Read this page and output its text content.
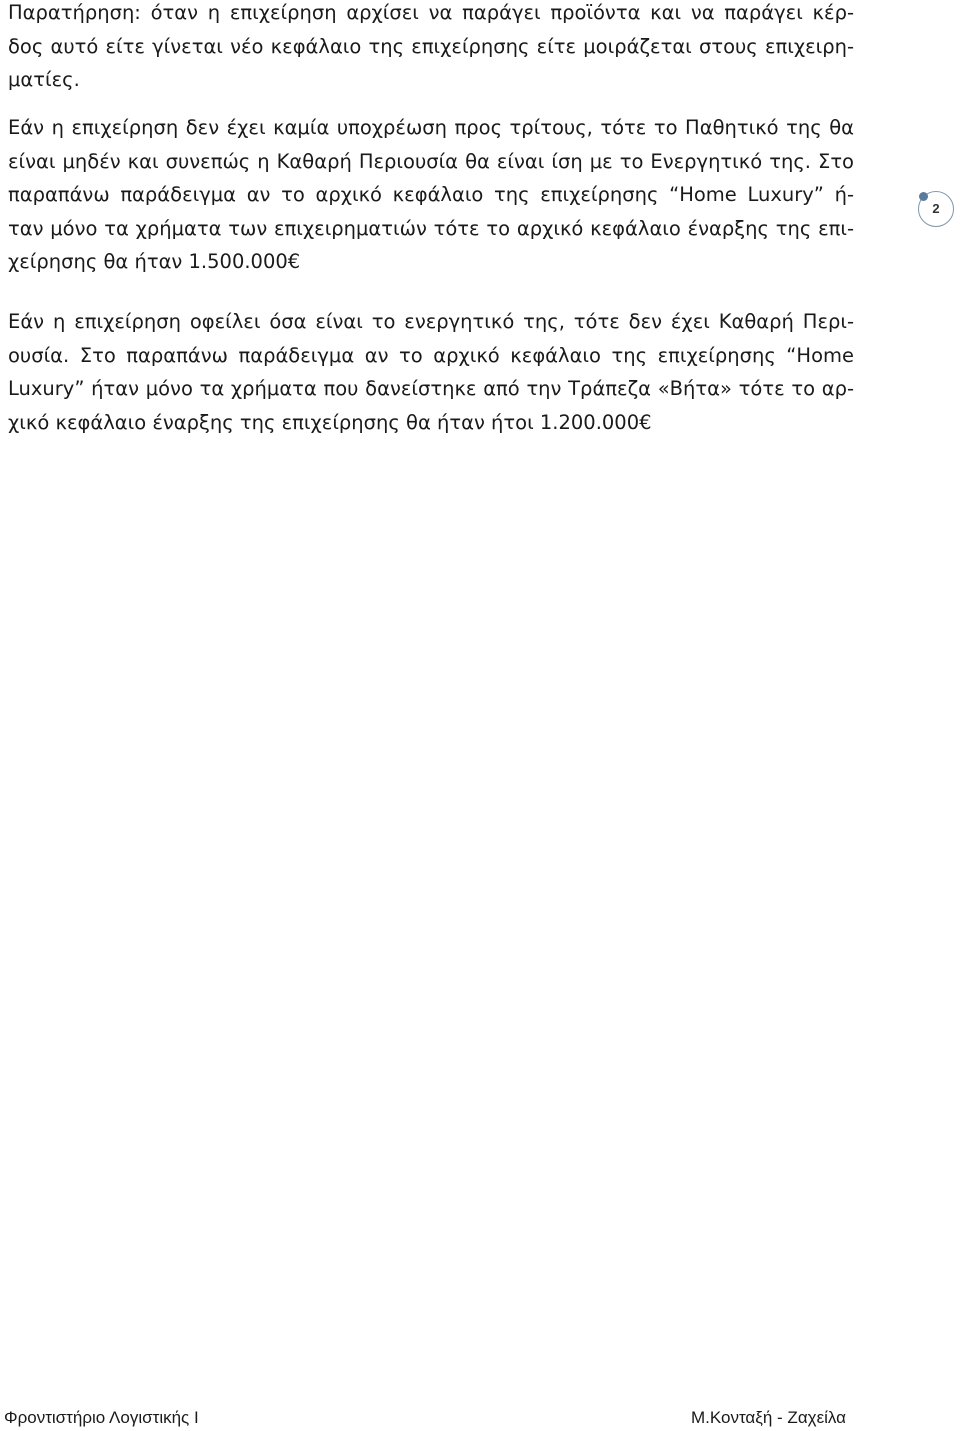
Παρατήρηση: όταν η επιχείρηση αρχίσει να παράγει προϊόντα και να παράγει κέρ-
δος αυτό είτε γίνεται νέο κεφάλαιο της επιχείρησης είτε μοιράζεται στους επιχειρη-
ματίες.
Εάν η επιχείρηση δεν έχει καμία υποχρέωση προς τρίτους, τότε το Παθητικό της θα
είναι μηδέν και συνεπώς η Καθαρή Περιουσία θα είναι ίση με το Ενεργητικό της. Στο
παραπάνω παράδειγμα αν το αρχικό κεφάλαιο της επιχείρησης “Home Luxury” ή-
ταν μόνο τα χρήματα των επιχειρηματιών τότε το αρχικό κεφάλαιο έναρξης της επι-
χείρησης θα ήταν 1.500.000€
Εάν η επιχείρηση οφείλει όσα είναι το ενεργητικό της, τότε δεν έχει Καθαρή Περι-
ουσία. Στο παραπάνω παράδειγμα αν το αρχικό κεφάλαιο της επιχείρησης “Home
Luxury” ήταν μόνο τα χρήματα που δανείστηκε από την Τράπεζα «Βήτα» τότε το αρ-
χικό κεφάλαιο έναρξης της επιχείρησης θα ήταν ήτοι 1.200.000€
2
Φροντιστήριο Λογιστικής Ι	Μ.Κονταξή - Ζαχείλα
